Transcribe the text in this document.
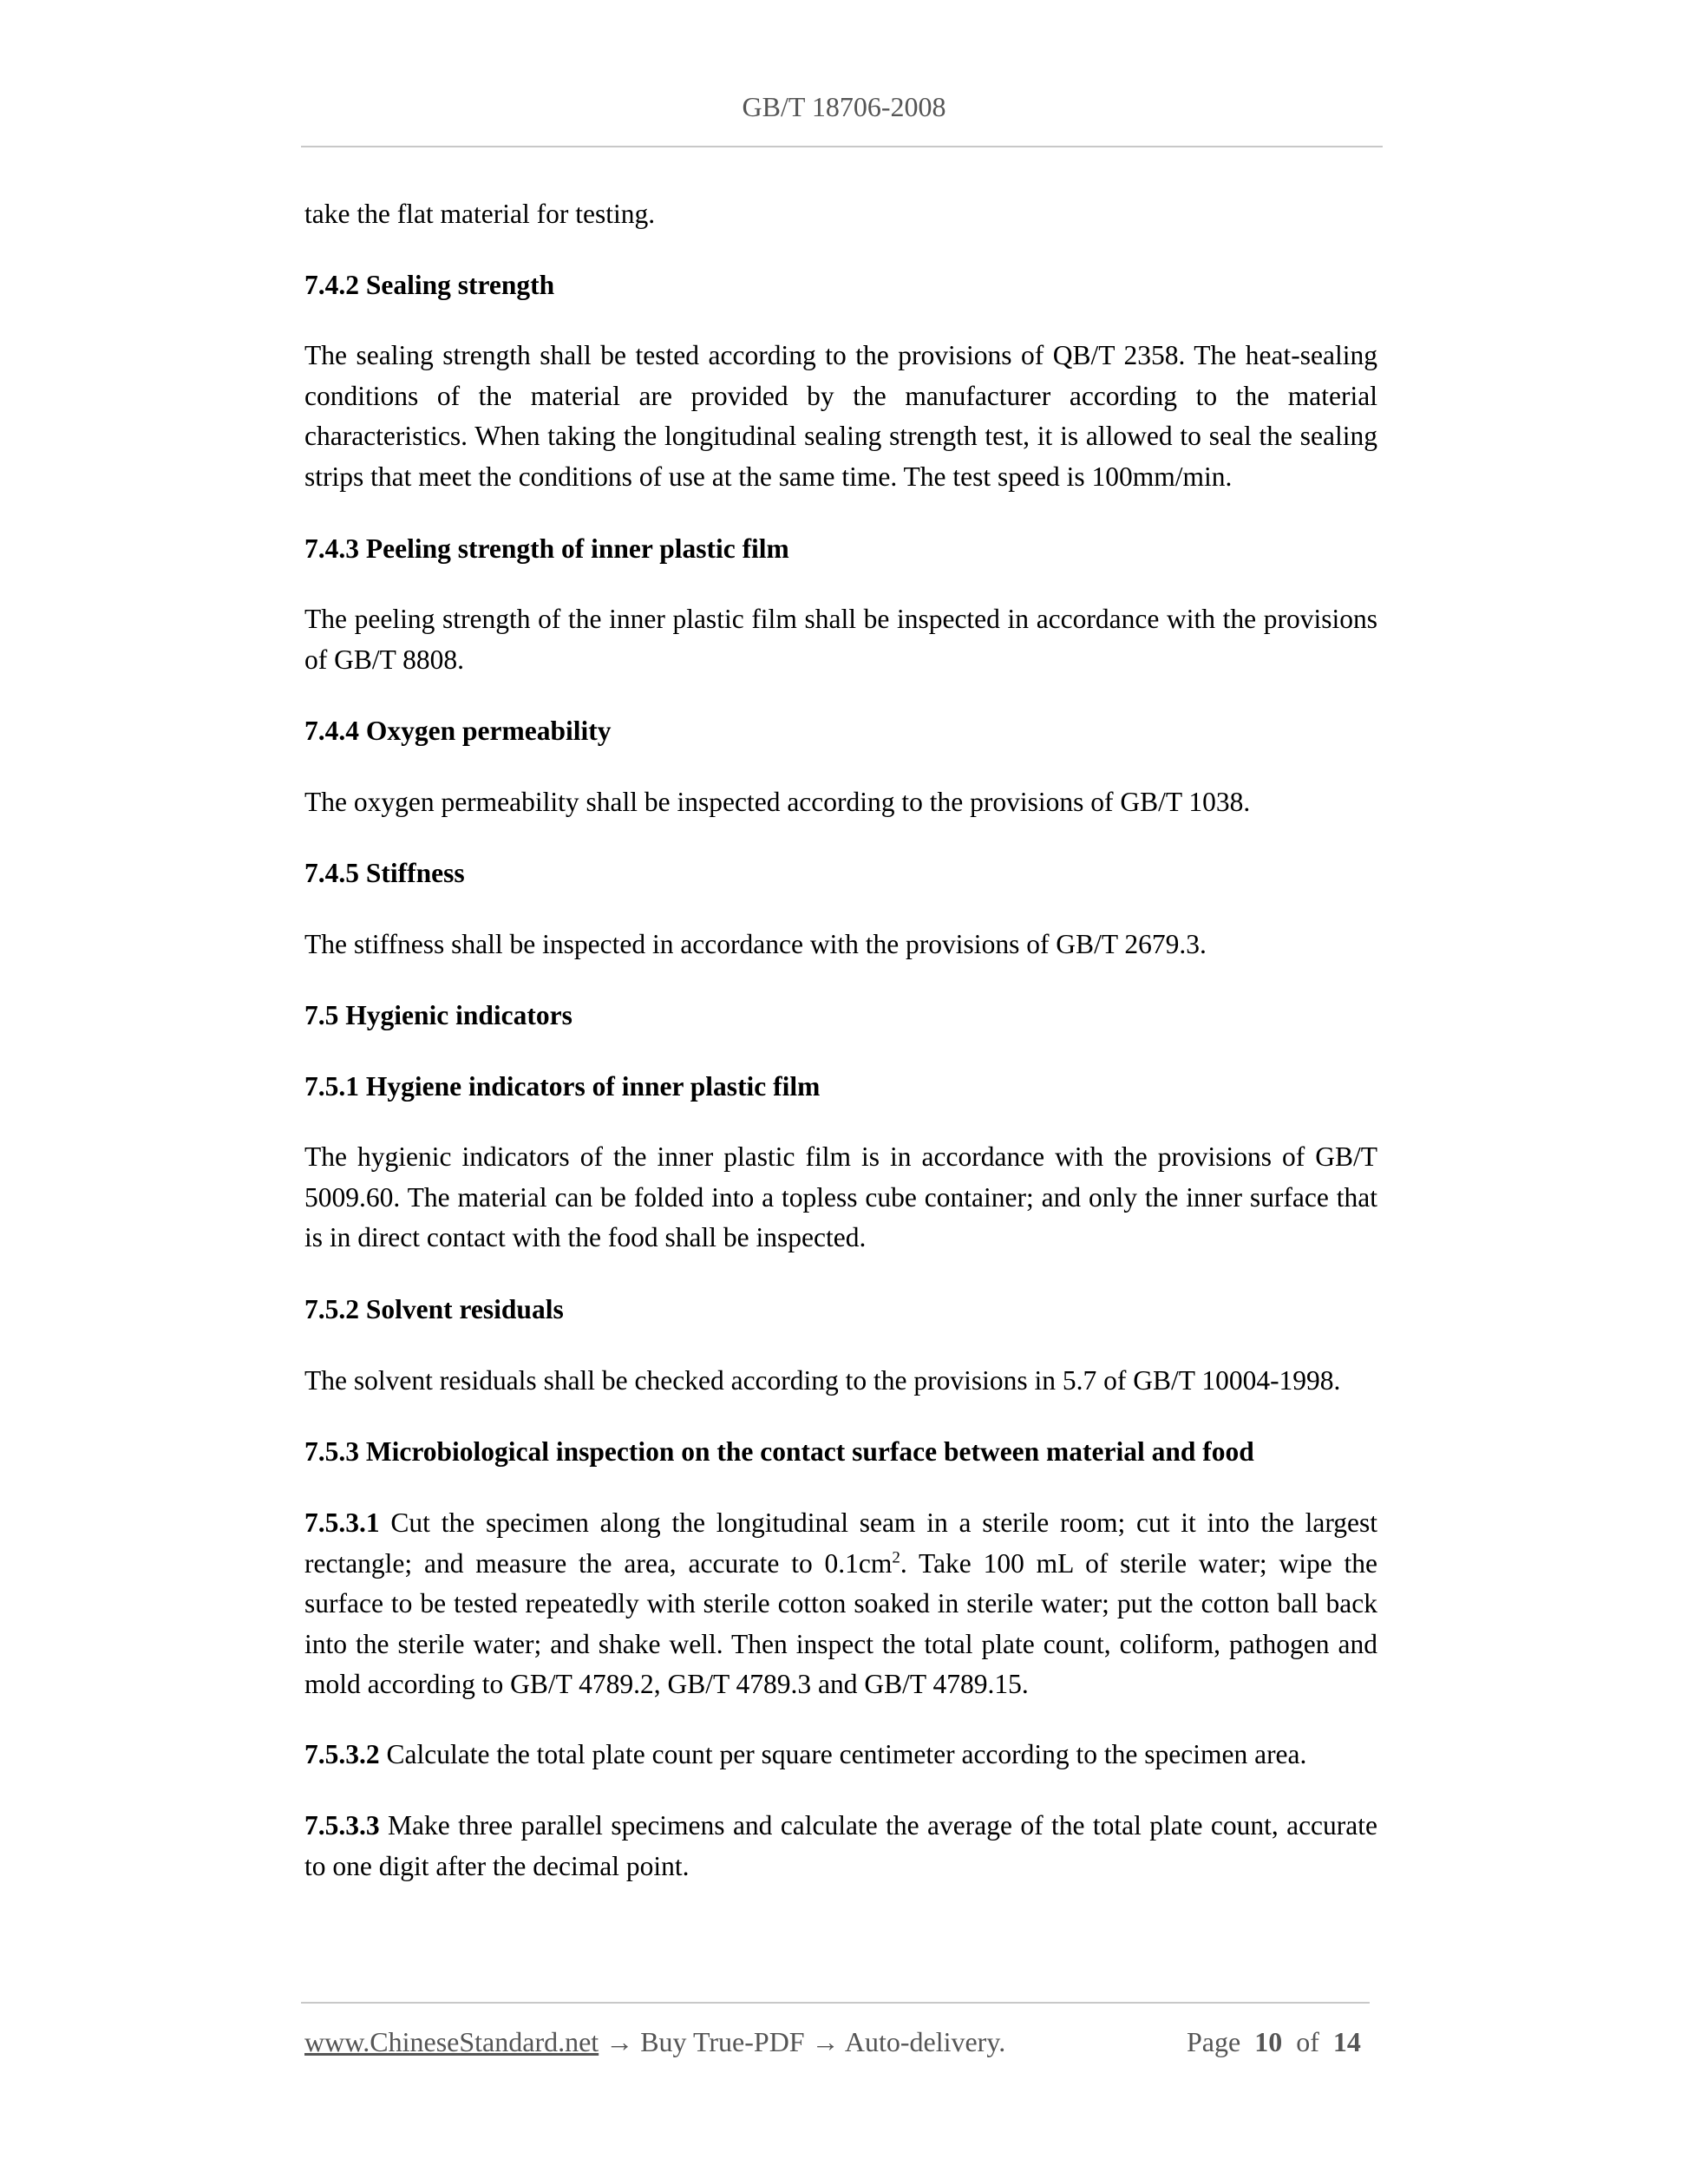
GB/T 18706-2008

take the flat material for testing.

7.4.2 Sealing strength

The sealing strength shall be tested according to the provisions of QB/T 2358. The heat-sealing conditions of the material are provided by the manufacturer according to the material characteristics. When taking the longitudinal sealing strength test, it is allowed to seal the sealing strips that meet the conditions of use at the same time. The test speed is 100mm/min.

7.4.3 Peeling strength of inner plastic film

The peeling strength of the inner plastic film shall be inspected in accordance with the provisions of GB/T 8808.

7.4.4 Oxygen permeability

The oxygen permeability shall be inspected according to the provisions of GB/T 1038.

7.4.5 Stiffness

The stiffness shall be inspected in accordance with the provisions of GB/T 2679.3.

7.5 Hygienic indicators

7.5.1 Hygiene indicators of inner plastic film

The hygienic indicators of the inner plastic film is in accordance with the provisions of GB/T 5009.60. The material can be folded into a topless cube container; and only the inner surface that is in direct contact with the food shall be inspected.

7.5.2 Solvent residuals

The solvent residuals shall be checked according to the provisions in 5.7 of GB/T 10004-1998.

7.5.3 Microbiological inspection on the contact surface between material and food

7.5.3.1 Cut the specimen along the longitudinal seam in a sterile room; cut it into the largest rectangle; and measure the area, accurate to $0.1cm^2$. Take 100 mL of sterile water; wipe the surface to be tested repeatedly with sterile cotton soaked in sterile water; put the cotton ball back into the sterile water; and shake well. Then inspect the total plate count, coliform, pathogen and mold according to GB/T 4789.2, GB/T 4789.3 and GB/T 4789.15.

7.5.3.2 Calculate the total plate count per square centimeter according to the specimen area.

7.5.3.3 Make three parallel specimens and calculate the average of the total plate count, accurate to one digit after the decimal point.

www.ChineseStandard.net → Buy True-PDF → Auto-delivery.	Page 10 of 14
